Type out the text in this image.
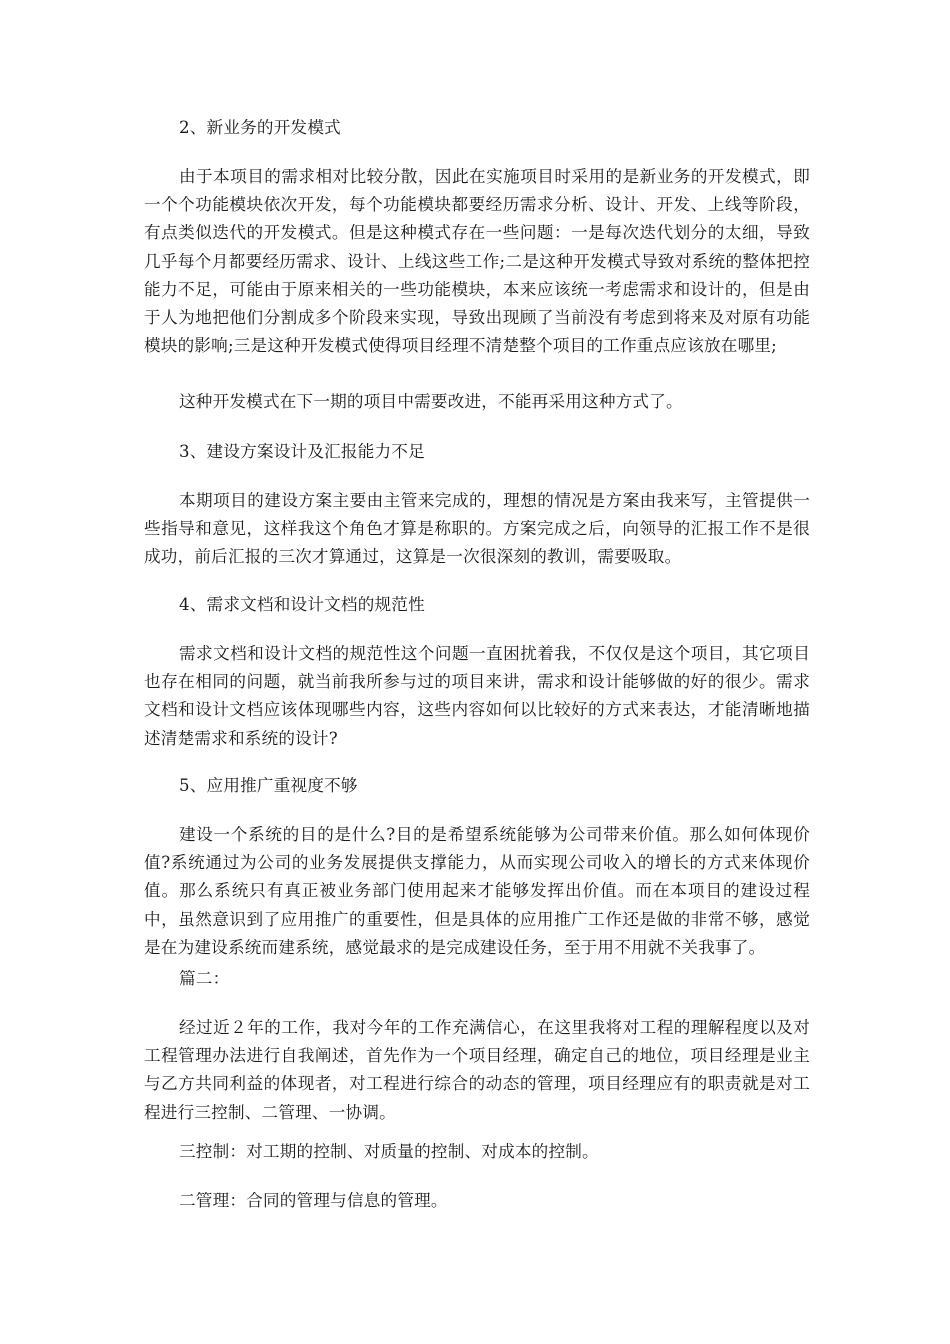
2、新业务的开发模式

由于本项目的需求相对比较分散，因此在实施项目时采用的是新业务的开发模式，即一个个功能模块依次开发，每个功能模块都要经历需求分析、设计、开发、上线等阶段，有点类似迭代的开发模式。但是这种模式存在一些问题：一是每次迭代划分的太细，导致几乎每个月都要经历需求、设计、上线这些工作;二是这种开发模式导致对系统的整体把控能力不足，可能由于原来相关的一些功能模块，本来应该统一考虑需求和设计的，但是由于人为地把他们分割成多个阶段来实现，导致出现顾了当前没有考虑到将来及对原有功能模块的影响;三是这种开发模式使得项目经理不清楚整个项目的工作重点应该放在哪里;

这种开发模式在下一期的项目中需要改进，不能再采用这种方式了。

3、建设方案设计及汇报能力不足

本期项目的建设方案主要由主管来完成的，理想的情况是方案由我来写，主管提供一些指导和意见，这样我这个角色才算是称职的。方案完成之后，向领导的汇报工作不是很成功，前后汇报的三次才算通过，这算是一次很深刻的教训，需要吸取。

4、需求文档和设计文档的规范性

需求文档和设计文档的规范性这个问题一直困扰着我，不仅仅是这个项目，其它项目也存在相同的问题，就当前我所参与过的项目来讲，需求和设计能够做的好的很少。需求文档和设计文档应该体现哪些内容，这些内容如何以比较好的方式来表达，才能清晰地描述清楚需求和系统的设计?

5、应用推广重视度不够

建设一个系统的目的是什么?目的是希望系统能够为公司带来价值。那么如何体现价值?系统通过为公司的业务发展提供支撑能力，从而实现公司收入的增长的方式来体现价值。那么系统只有真正被业务部门使用起来才能够发挥出价值。而在本项目的建设过程中，虽然意识到了应用推广的重要性，但是具体的应用推广工作还是做的非常不够，感觉是在为建设系统而建系统，感觉最求的是完成建设任务，至于用不用就不关我事了。

篇二：

经过近２年的工作，我对今年的工作充满信心，在这里我将对工程的理解程度以及对工程管理办法进行自我阐述，首先作为一个项目经理，确定自己的地位，项目经理是业主与乙方共同利益的体现者，对工程进行综合的动态的管理，项目经理应有的职责就是对工程进行三控制、二管理、一协调。

三控制：对工期的控制、对质量的控制、对成本的控制。

二管理：合同的管理与信息的管理。
